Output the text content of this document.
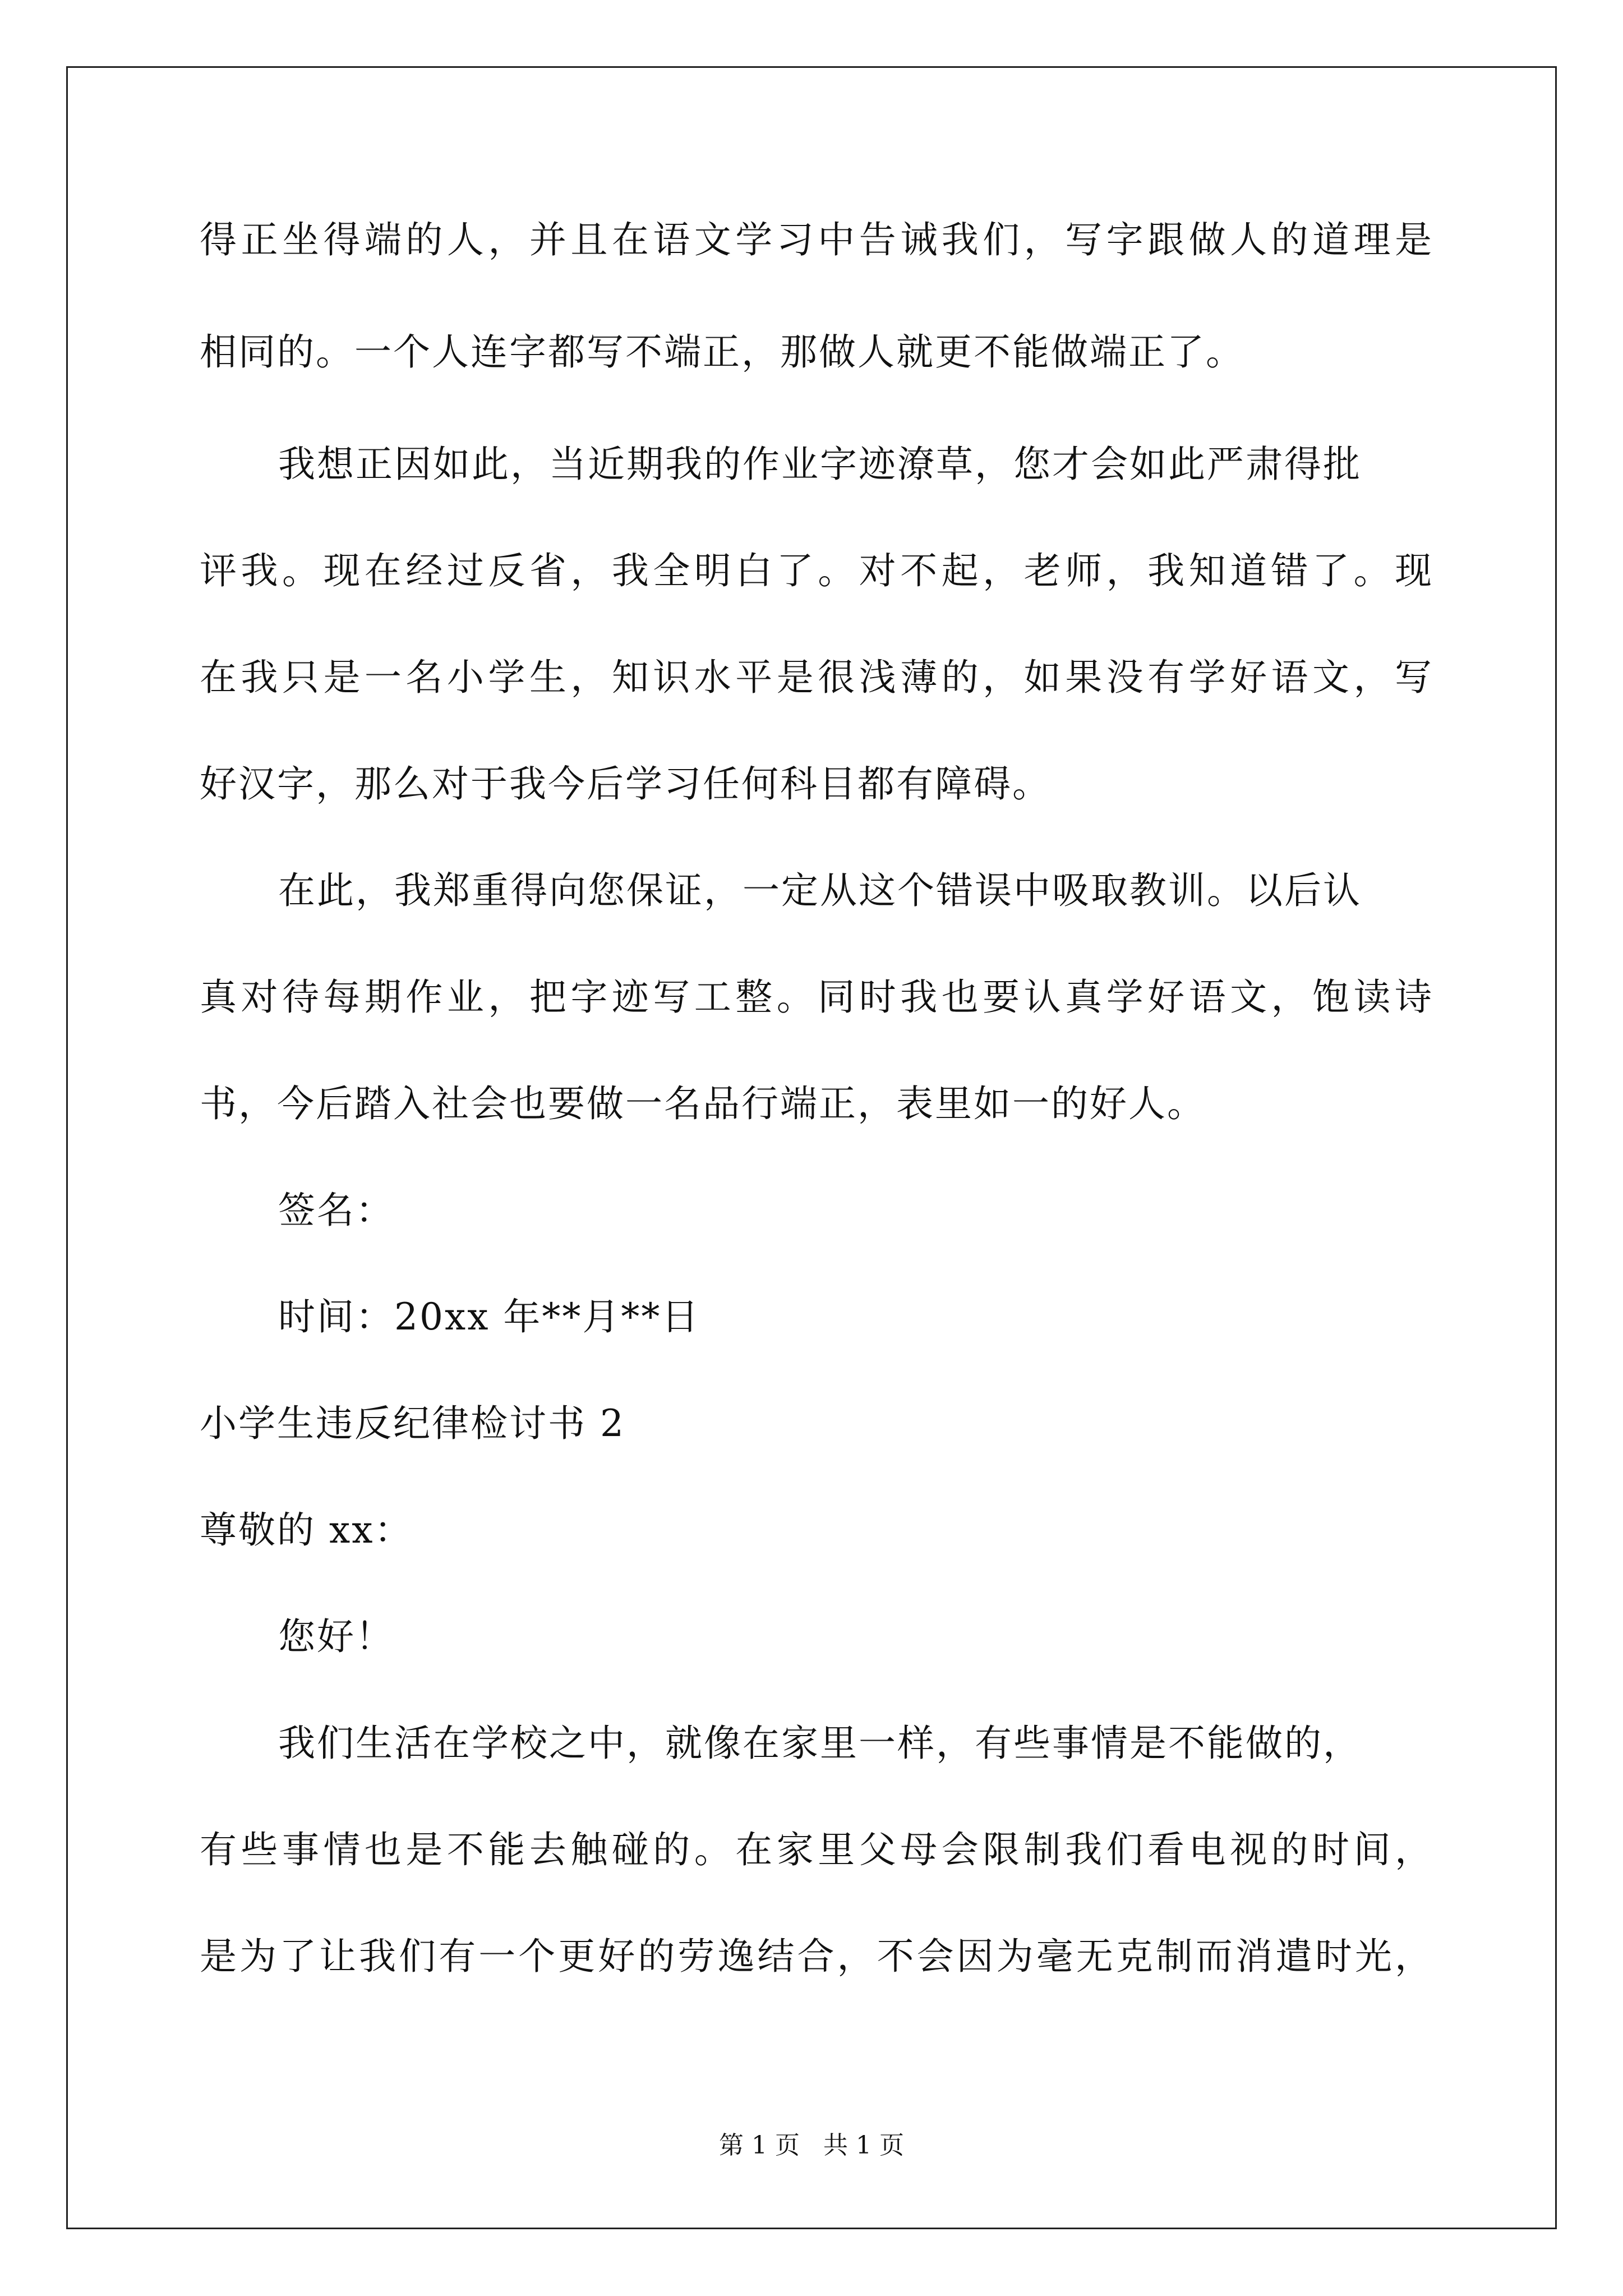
得正坐得端的人，并且在语文学习中告诫我们，写字跟做人的道理是
相同的。一个人连字都写不端正，那做人就更不能做端正了。
我想正因如此，当近期我的作业字迹潦草，您才会如此严肃得批
评我。现在经过反省，我全明白了。对不起，老师，我知道错了。现
在我只是一名小学生，知识水平是很浅薄的，如果没有学好语文，写
好汉字，那么对于我今后学习任何科目都有障碍。
在此，我郑重得向您保证，一定从这个错误中吸取教训。以后认
真对待每期作业，把字迹写工整。同时我也要认真学好语文，饱读诗
书，今后踏入社会也要做一名品行端正，表里如一的好人。
签名：
时间：20xx 年**月**日
小学生违反纪律检讨书 2
尊敬的 xx：
您好！
我们生活在学校之中，就像在家里一样，有些事情是不能做的，
有些事情也是不能去触碰的。在家里父母会限制我们看电视的时间，
是为了让我们有一个更好的劳逸结合，不会因为毫无克制而消遣时光，
第 1 页   共 1 页
